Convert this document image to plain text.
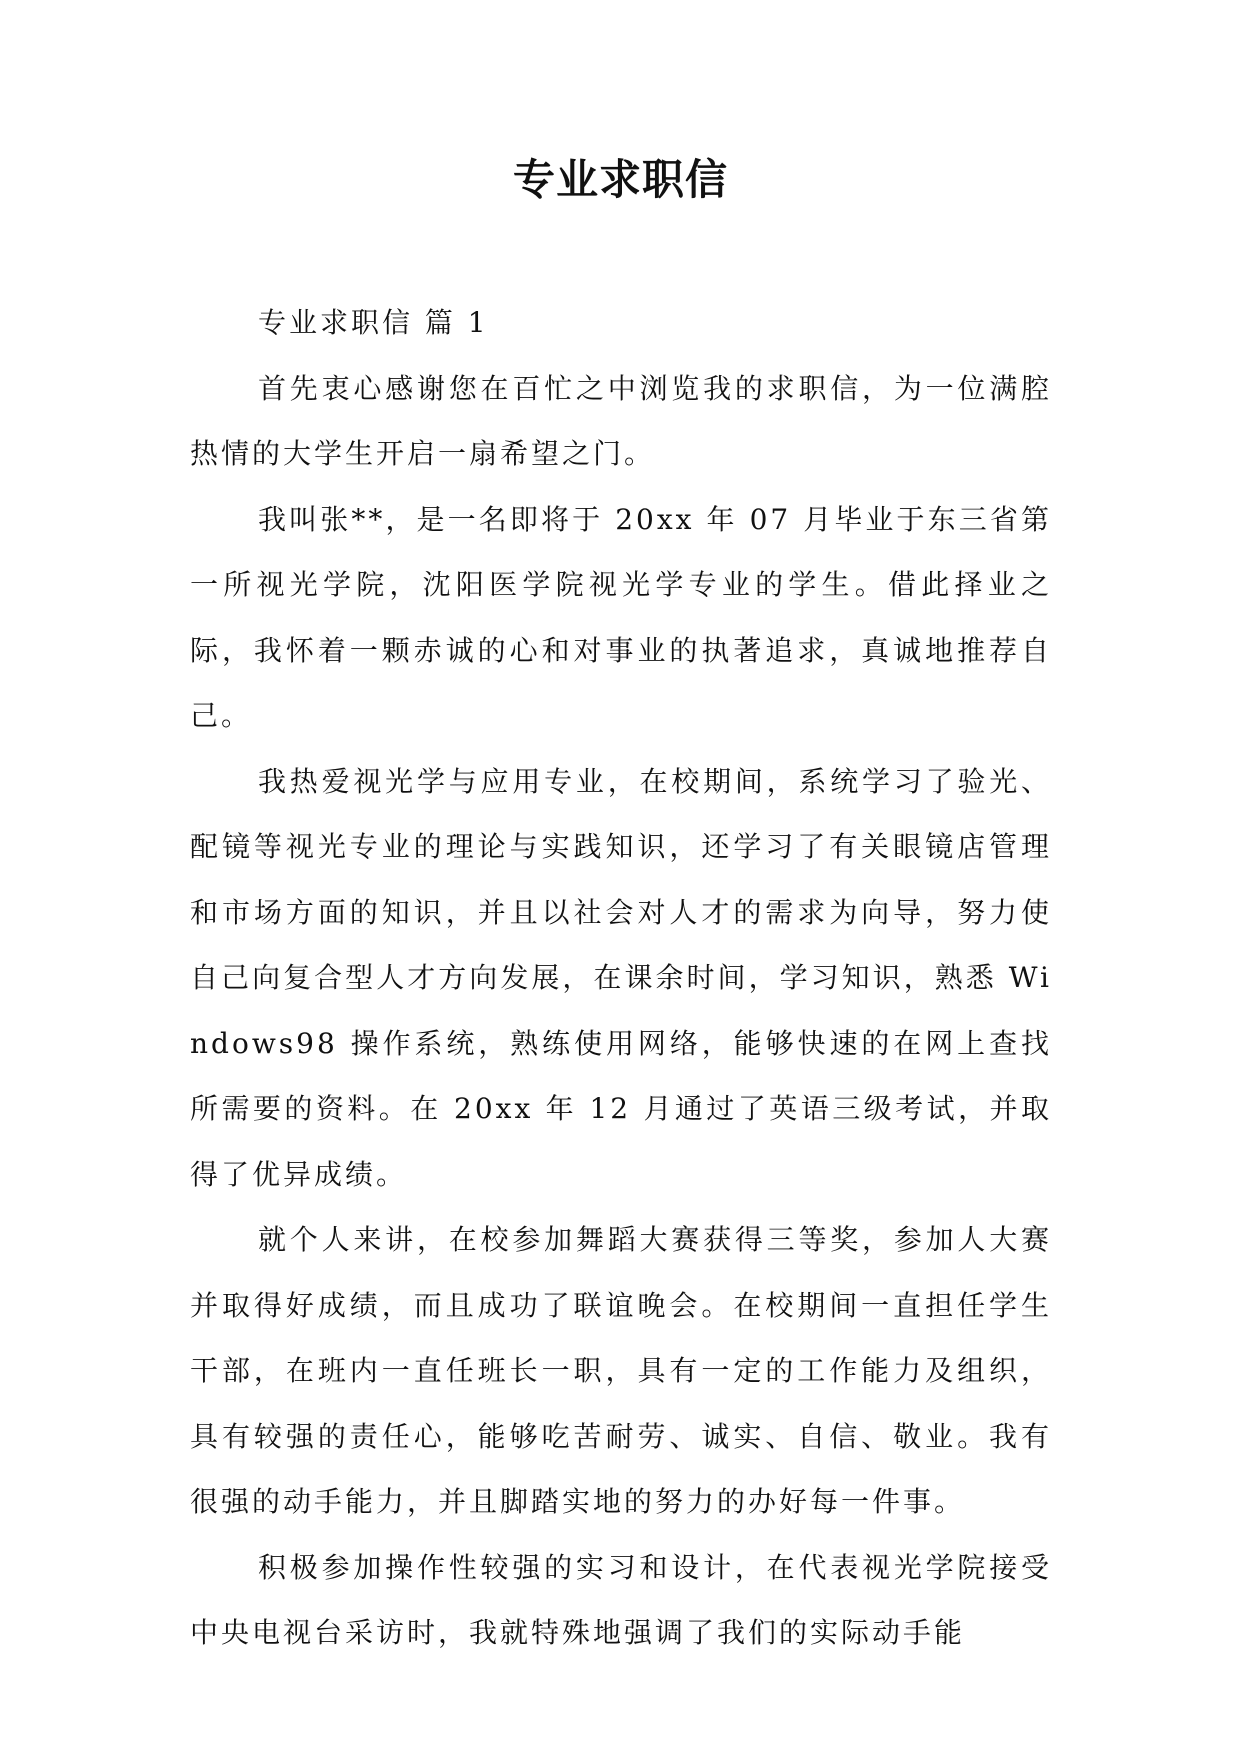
专业求职信

专业求职信 篇 1

首先衷心感谢您在百忙之中浏览我的求职信，为一位满腔热情的大学生开启一扇希望之门。

我叫张**，是一名即将于 20xx 年 07 月毕业于东三省第一所视光学院，沈阳医学院视光学专业的学生。借此择业之际，我怀着一颗赤诚的心和对事业的执著追求，真诚地推荐自己。

我热爱视光学与应用专业，在校期间，系统学习了验光、配镜等视光专业的理论与实践知识，还学习了有关眼镜店管理和市场方面的知识，并且以社会对人才的需求为向导，努力使自己向复合型人才方向发展，在课余时间，学习知识，熟悉 Windows98 操作系统，熟练使用网络，能够快速的在网上查找所需要的资料。在 20xx 年 12 月通过了英语三级考试，并取得了优异成绩。

就个人来讲，在校参加舞蹈大赛获得三等奖，参加人大赛并取得好成绩，而且成功了联谊晚会。在校期间一直担任学生干部，在班内一直任班长一职，具有一定的工作能力及组织，具有较强的责任心，能够吃苦耐劳、诚实、自信、敬业。我有很强的动手能力，并且脚踏实地的努力的办好每一件事。

积极参加操作性较强的实习和设计，在代表视光学院接受中央电视台采访时，我就特殊地强调了我们的实际动手能
